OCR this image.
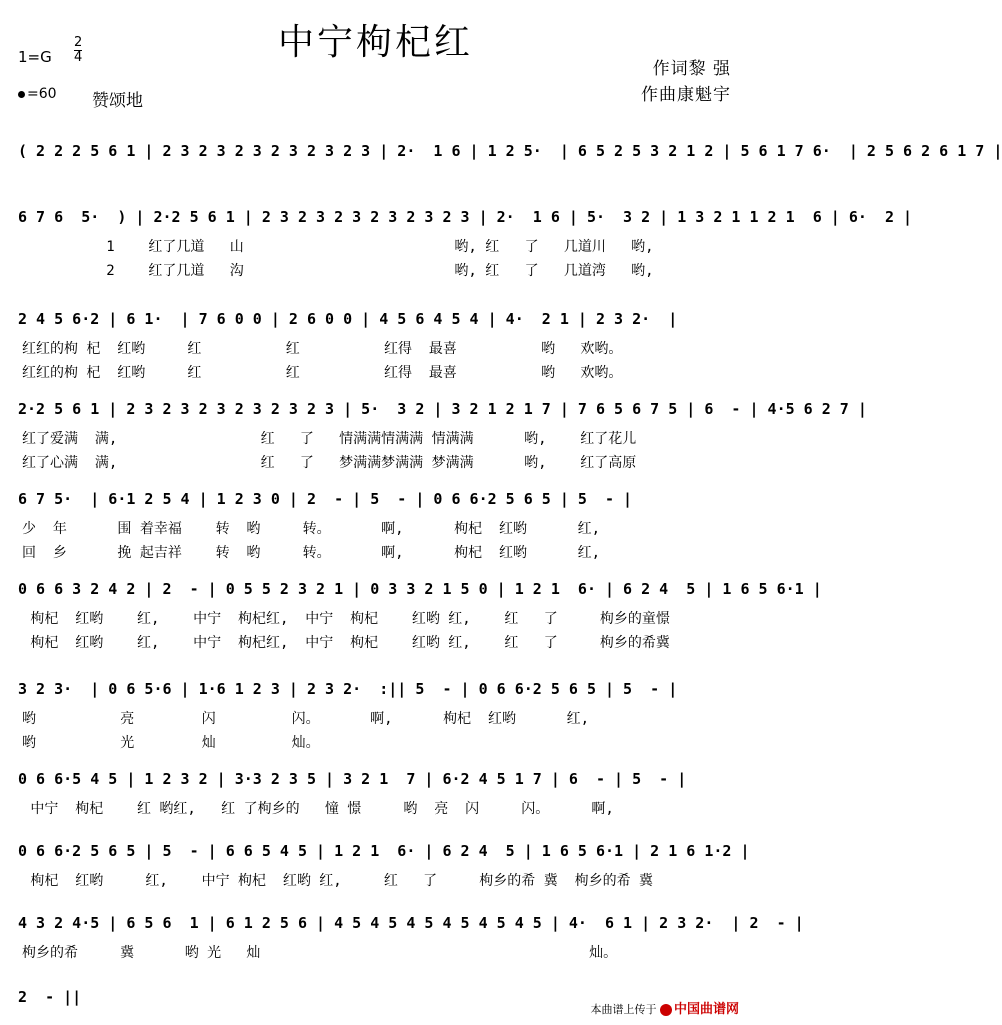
中宁枸杞红
1=G
2
4
=60 赞颂地
作词黎 强
作曲康魁宇
( 2 2 2 5 6 1 | 2 3 2 3 2 3 2 3 2 3 2 3 | 2·  1 6 | 1 2 5·  | 6 5 2 5 3 2 1 2 | 5 6 1 7 6·  | 2 5 6 2 6 1 7 |
6 7 6  5·  ) | 2·2 5 6 1 | 2 3 2 3 2 3 2 3 2 3 2 3 | 2·  1 6 | 5·  3 2 | 1 3 2 1 1 2 1  6 | 6·  2 |
1    红了几道   山                         哟, 红   了   几道川   哟,
2    红了几道   沟                         哟, 红   了   几道湾   哟,
2 4 5 6·2 | 6 1·  | 7 6 0 0 | 2 6 0 0 | 4 5 6 4 5 4 | 4·  2 1 | 2 3 2·  |
红红的枸 杞  红哟     红          红          红得  最喜          哟   欢哟。
红红的枸 杞  红哟     红          红          红得  最喜          哟   欢哟。
2·2 5 6 1 | 2 3 2 3 2 3 2 3 2 3 2 3 | 5·  3 2 | 3 2 1 2 1 7 | 7 6 5 6 7 5 | 6  - | 4·5 6 2 7 |
红了爱满  满,                 红   了   情满满情满满 情满满      哟,    红了花儿
红了心满  满,                 红   了   梦满满梦满满 梦满满      哟,    红了高原
6 7 5·  | 6·1 2 5 4 | 1 2 3 0 | 2  - | 5  - | 0 6 6·2 5 6 5 | 5  - |
少  年      围 着幸福    转  哟     转。      啊,      枸杞  红哟      红,
回  乡      挽 起吉祥    转  哟     转。      啊,      枸杞  红哟      红,
0 6 6 3 2 4 2 | 2  - | 0 5 5 2 3 2 1 | 0 3 3 2 1 5 0 | 1 2 1  6· | 6 2 4  5 | 1 6 5 6·1 |
枸杞  红哟    红,    中宁  枸杞红,  中宁  枸杞    红哟 红,    红   了     枸乡的童憬
枸杞  红哟    红,    中宁  枸杞红,  中宁  枸杞    红哟 红,    红   了     枸乡的希冀
3 2 3·  | 0 6 5·6 | 1·6 1 2 3 | 2 3 2·  :|| 5  - | 0 6 6·2 5 6 5 | 5  - |
哟          亮        闪         闪。      啊,      枸杞  红哟      红,
哟          光        灿         灿。
0 6 6·5 4 5 | 1 2 3 2 | 3·3 2 3 5 | 3 2 1  7 | 6·2 4 5 1 7 | 6  - | 5  - |
中宁  枸杞    红 哟红,   红 了枸乡的   憧 憬     哟  亮  闪     闪。     啊,
0 6 6·2 5 6 5 | 5  - | 6 6 5 4 5 | 1 2 1  6· | 6 2 4  5 | 1 6 5 6·1 | 2 1 6 1·2 |
枸杞  红哟     红,    中宁 枸杞  红哟 红,     红   了     枸乡的希 冀  枸乡的希 冀
4 3 2 4·5 | 6 5 6  1 | 6 1 2 5 6 | 4 5 4 5 4 5 4 5 4 5 4 5 | 4·  6 1 | 2 3 2·  | 2  - |
枸乡的希     冀      哟 光   灿                                       灿。
2  - ||
本曲谱上传于 中国曲谱网
